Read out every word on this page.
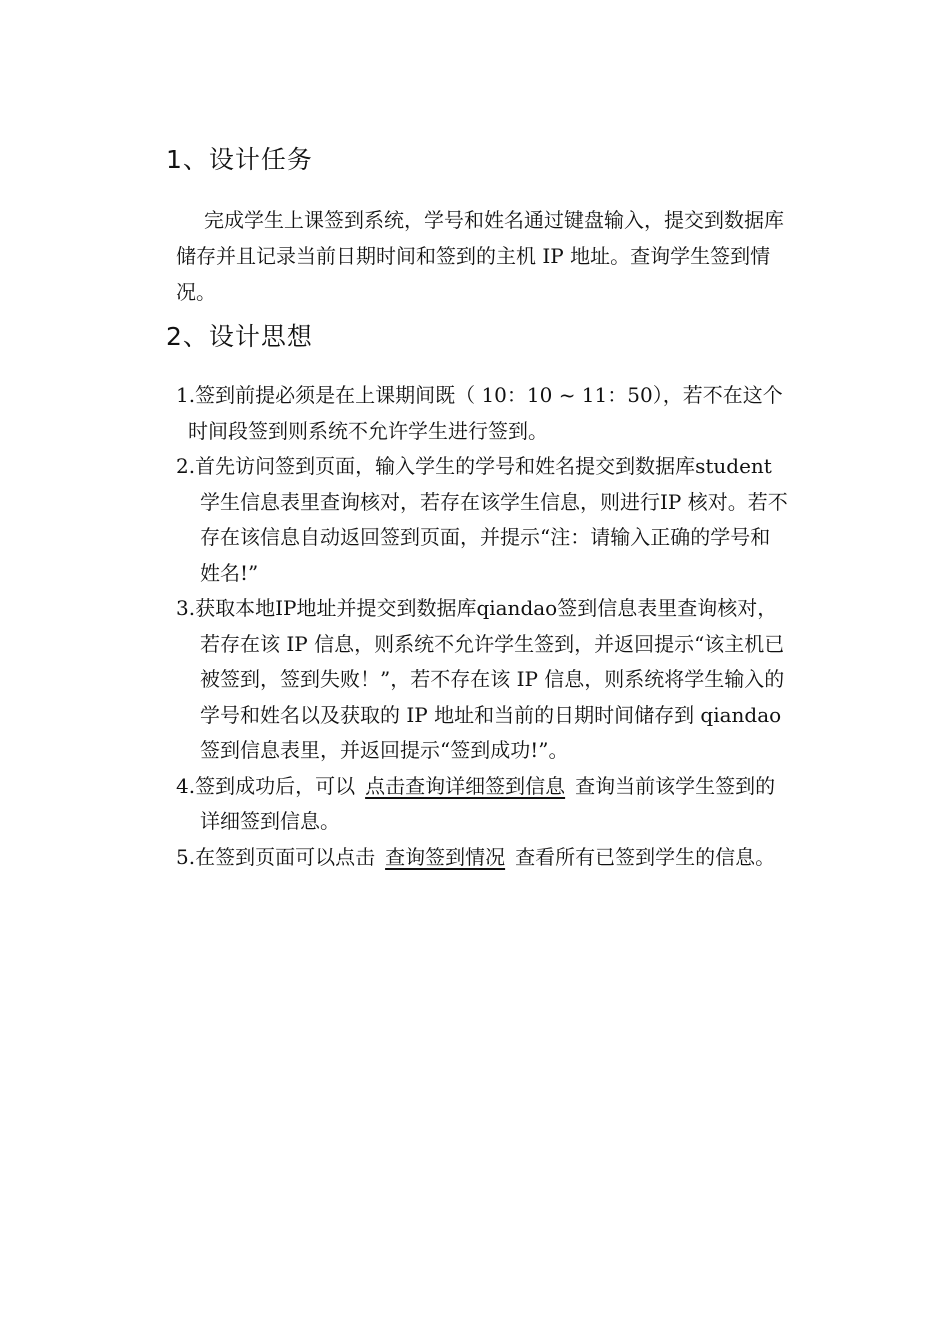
1、设计任务

完成学生上课签到系统，学号和姓名通过键盘输入，提交到数据库储存并且记录当前日期时间和签到的主机 IP 地址。查询学生签到情况。

2、设计思想

1.签到前提必须是在上课期间既（ 10：10 ~ 11：50），若不在这个时间段签到则系统不允许学生进行签到。

2.首先访问签到页面，输入学生的学号和姓名提交到数据库student学生信息表里查询核对，若存在该学生信息，则进行IP 核对。若不存在该信息自动返回签到页面，并提示“注：请输入正确的学号和姓名!”

3.获取本地IP地址并提交到数据库qiandao签到信息表里查询核对，若存在该 IP 信息，则系统不允许学生签到，并返回提示“该主机已被签到，签到失败！”，若不存在该 IP 信息，则系统将学生输入的学号和姓名以及获取的 IP 地址和当前的日期时间储存到 qiandao 签到信息表里，并返回提示“签到成功!”。

4.签到成功后，可以 点击查询详细签到信息 查询当前该学生签到的详细签到信息。

5.在签到页面可以点击 查询签到情况 查看所有已签到学生的信息。
